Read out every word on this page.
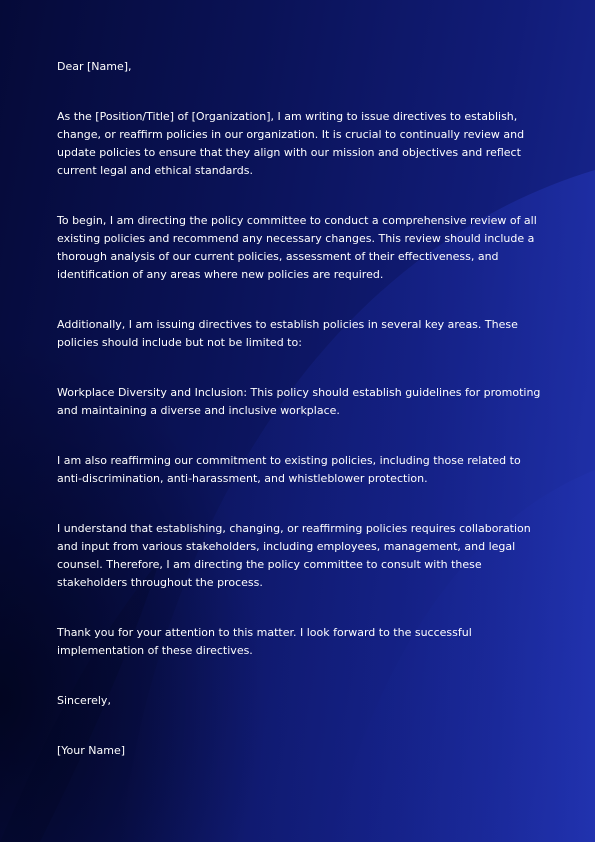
Dear [Name],

As the [Position/Title] of [Organization], I am writing to issue directives to establish, change, or reaffirm policies in our organization. It is crucial to continually review and update policies to ensure that they align with our mission and objectives and reflect current legal and ethical standards.

To begin, I am directing the policy committee to conduct a comprehensive review of all existing policies and recommend any necessary changes. This review should include a thorough analysis of our current policies, assessment of their effectiveness, and identification of any areas where new policies are required.

Additionally, I am issuing directives to establish policies in several key areas. These policies should include but not be limited to:

Workplace Diversity and Inclusion: This policy should establish guidelines for promoting and maintaining a diverse and inclusive workplace.

I am also reaffirming our commitment to existing policies, including those related to anti-discrimination, anti-harassment, and whistleblower protection.

I understand that establishing, changing, or reaffirming policies requires collaboration and input from various stakeholders, including employees, management, and legal counsel. Therefore, I am directing the policy committee to consult with these stakeholders throughout the process.

Thank you for your attention to this matter. I look forward to the successful implementation of these directives.

Sincerely,

[Your Name]
